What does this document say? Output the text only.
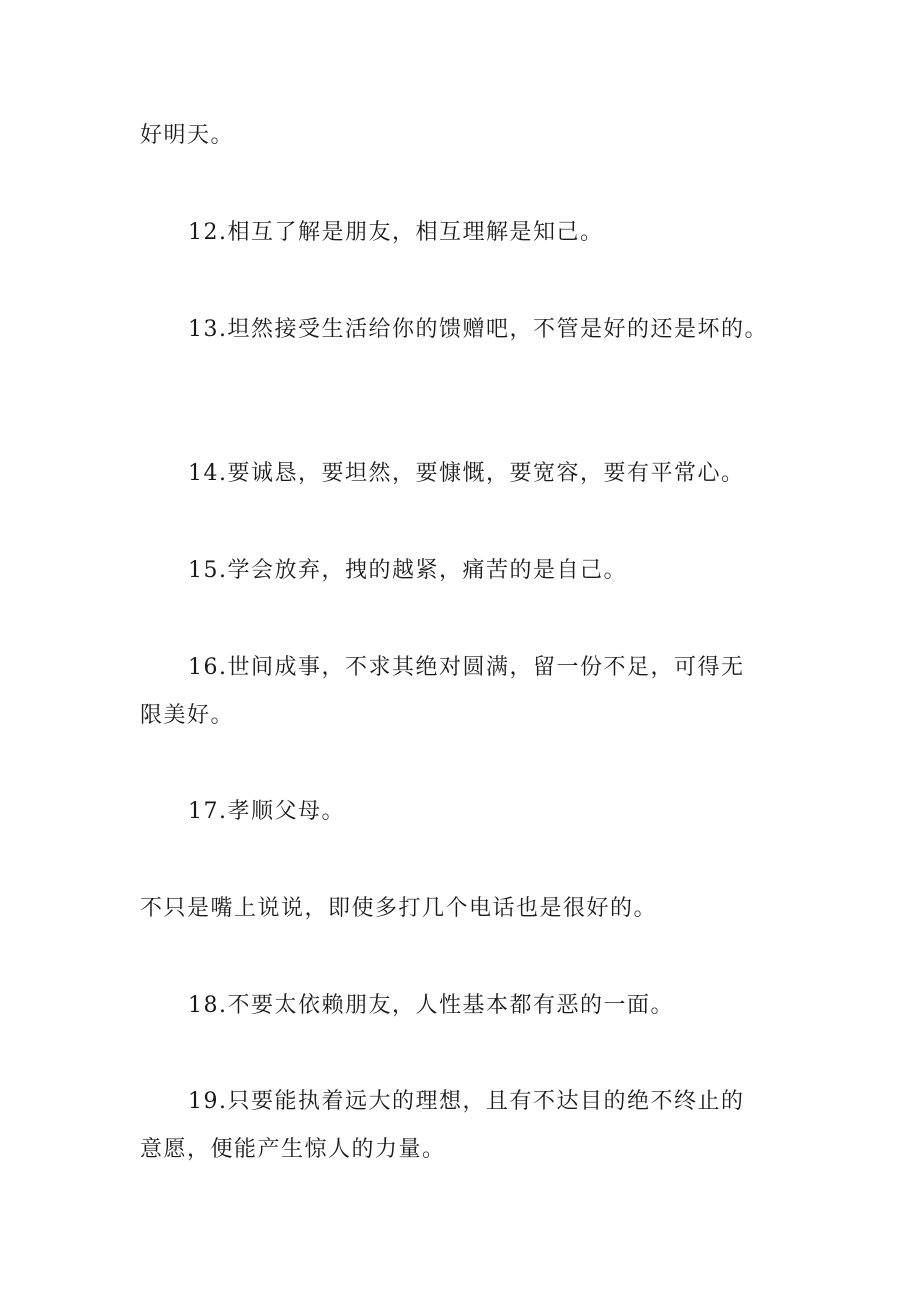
好明天。
12.相互了解是朋友，相互理解是知己。
13.坦然接受生活给你的馈赠吧，不管是好的还是坏的。
14.要诚恳，要坦然，要慷慨，要宽容，要有平常心。
15.学会放弃，拽的越紧，痛苦的是自己。
16.世间成事，不求其绝对圆满，留一份不足，可得无
限美好。
17.孝顺父母。
不只是嘴上说说，即使多打几个电话也是很好的。
18.不要太依赖朋友，人性基本都有恶的一面。
19.只要能执着远大的理想，且有不达目的绝不终止的
意愿，便能产生惊人的力量。
